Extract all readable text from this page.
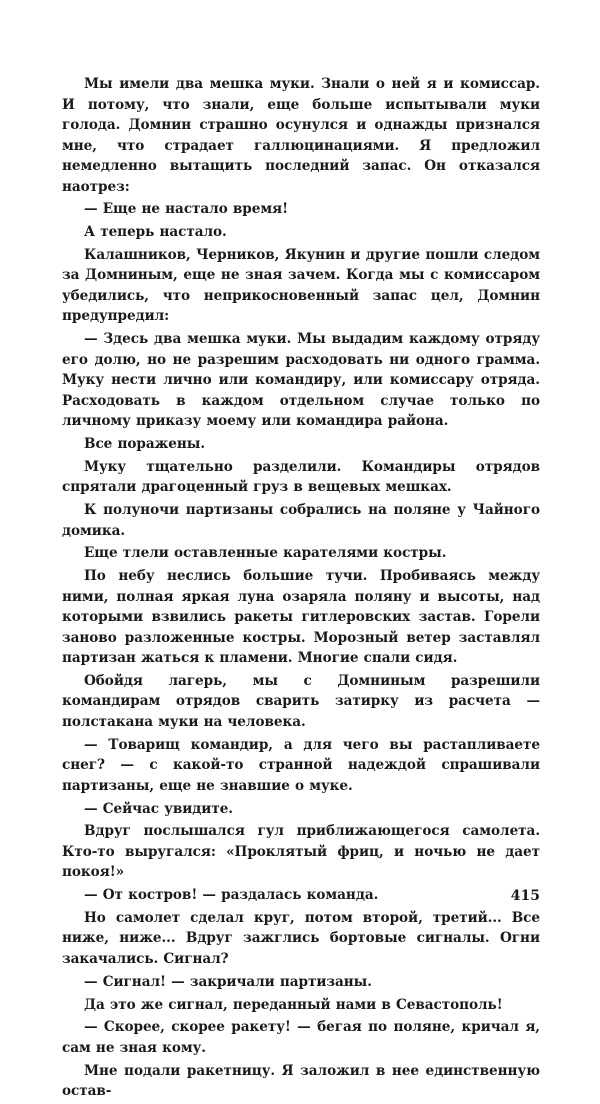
Мы имели два мешка муки. Знали о ней я и комиссар. И потому, что знали, еще больше испытывали муки голода. Домнин страшно осунулся и однажды признался мне, что страдает галлюцинациями. Я предложил немедленно вытащить последний запас. Он отказался наотрез:

— Еще не настало время!

А теперь настало.

Калашников, Черников, Якунин и другие пошли следом за Домниным, еще не зная зачем. Когда мы с комиссаром убедились, что неприкосновенный запас цел, Домнин предупредил:

— Здесь два мешка муки. Мы выдадим каждому отряду его долю, но не разрешим расходовать ни одного грамма. Муку нести лично или командиру, или комиссару отряда. Расходовать в каждом отдельном случае только по личному приказу моему или командира района.

Все поражены.

Муку тщательно разделили. Командиры отрядов спрятали драгоценный груз в вещевых мешках.

К полуночи партизаны собрались на поляне у Чайного домика.

Еще тлели оставленные карателями костры.

По небу неслись большие тучи. Пробиваясь между ними, полная яркая луна озаряла поляну и высоты, над которыми взвились ракеты гитлеровских застав. Горели заново разложенные костры. Морозный ветер заставлял партизан жаться к пламени. Многие спали сидя.

Обойдя лагерь, мы с Домниным разрешили командирам отрядов сварить затирку из расчета — полстакана муки на человека.

— Товарищ командир, а для чего вы растапливаете снег? — с какой-то странной надеждой спрашивали партизаны, еще не знавшие о муке.

— Сейчас увидите.

Вдруг послышался гул приближающегося самолета. Кто-то выругался: «Проклятый фриц, и ночью не дает покоя!»

— От костров! — раздалась команда.

Но самолет сделал круг, потом второй, третий... Все ниже, ниже... Вдруг зажглись бортовые сигналы. Огни закачались. Сигнал?

— Сигнал! — закричали партизаны.

Да это же сигнал, переданный нами в Севастополь!

— Скорее, скорее ракету! — бегая по поляне, кричал я, сам не зная кому.

Мне подали ракетницу. Я заложил в нее единственную остав-

415
